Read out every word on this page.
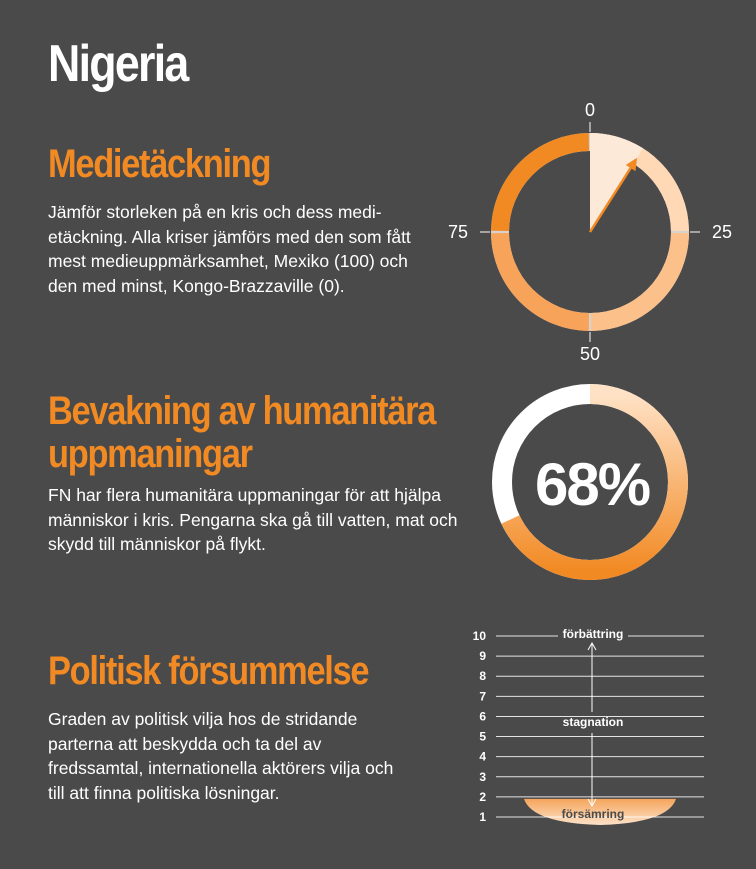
Nigeria
Medietäckning

Jämför storleken på en kris och dess medi-etäckning. Alla kriser jämförs med den som fått mest medieuppmärksamhet, Mexiko (100) och den med minst, Kongo-Brazzaville (0).

Bevakning av humanitära
uppmaningar

FN har flera humanitära uppmaningar för att hjälpa människor i kris. Pengarna ska gå till vatten, mat och skydd till människor på flykt.

Politisk försummelse

Graden av politisk vilja hos de stridande parterna att beskydda och ta del av fredssamtal, internationella aktörers vilja och till att finna politiska lösningar.

0
25
50
75
68%
1
2
3
4
5
6
7
8
9
10	förbättring
stagnation
försämring
